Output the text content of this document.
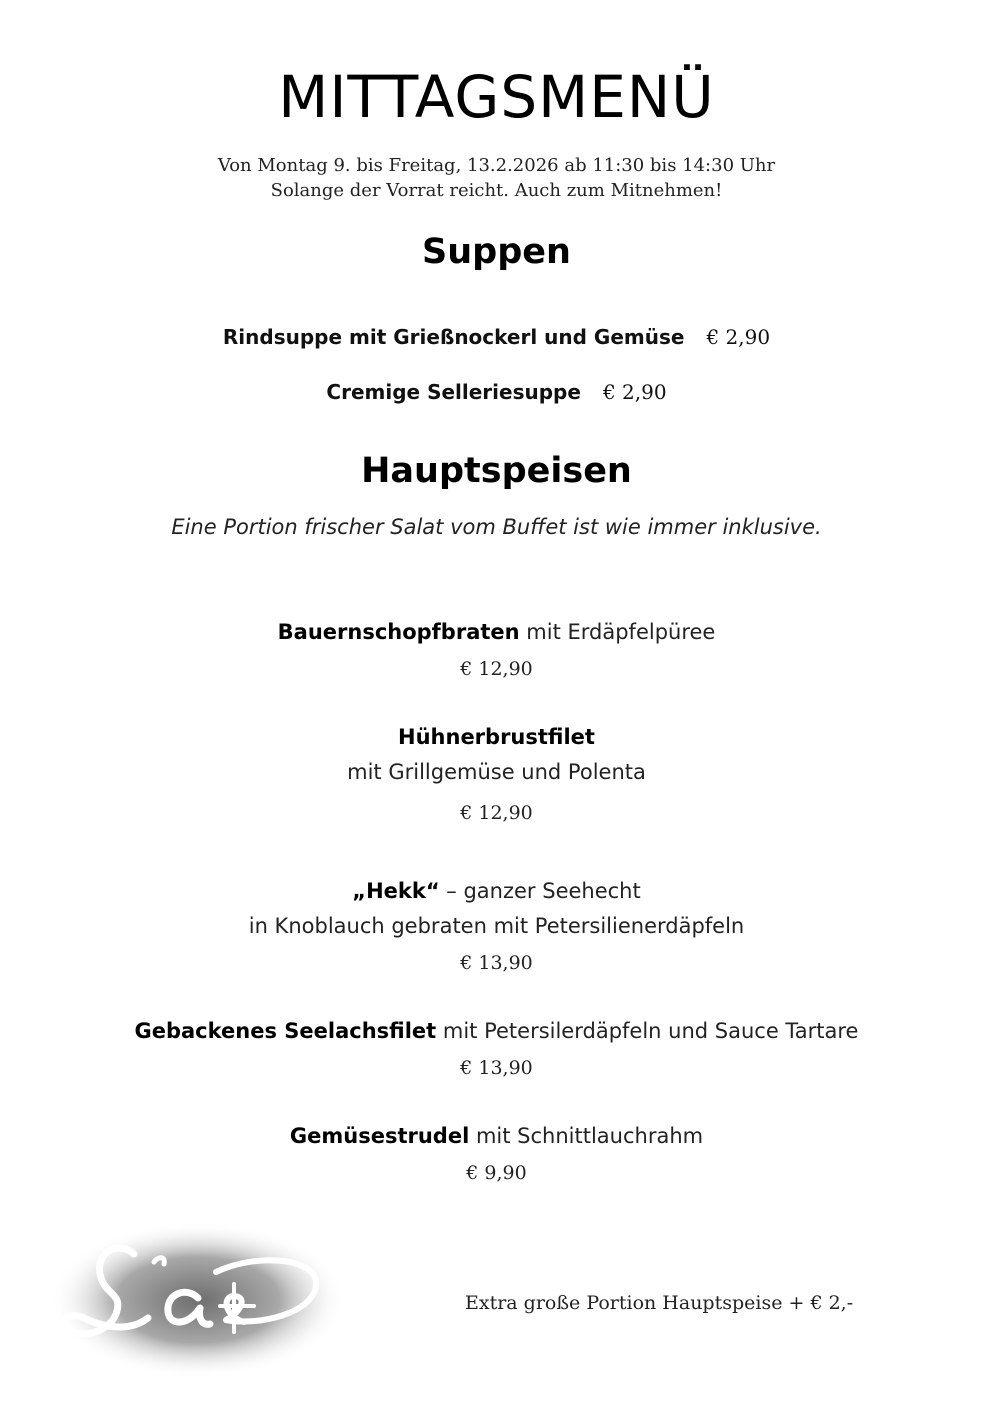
MITTAGSMENÜ
Von Montag 9. bis Freitag, 13.2.2026 ab 11:30 bis 14:30 Uhr
Solange der Vorrat reicht. Auch zum Mitnehmen!
Suppen
Rindsuppe mit Grießnockerl und Gemüse € 2,90
Cremige Selleriesuppe € 2,90
Hauptspeisen
Eine Portion frischer Salat vom Buffet ist wie immer inklusive.
Bauernschopfbraten mit Erdäpfelpüree
€ 12,90
Hühnerbrustfilet
mit Grillgemüse und Polenta
€ 12,90
„Hekk“ – ganzer Seehecht
in Knoblauch gebraten mit Petersilienerdäpfeln
€ 13,90
Gebackenes Seelachsfilet mit Petersilerdäpfeln und Sauce Tartare
€ 13,90
Gemüsestrudel mit Schnittlauchrahm
€ 9,90
Extra große Portion Hauptspeise + € 2,-
